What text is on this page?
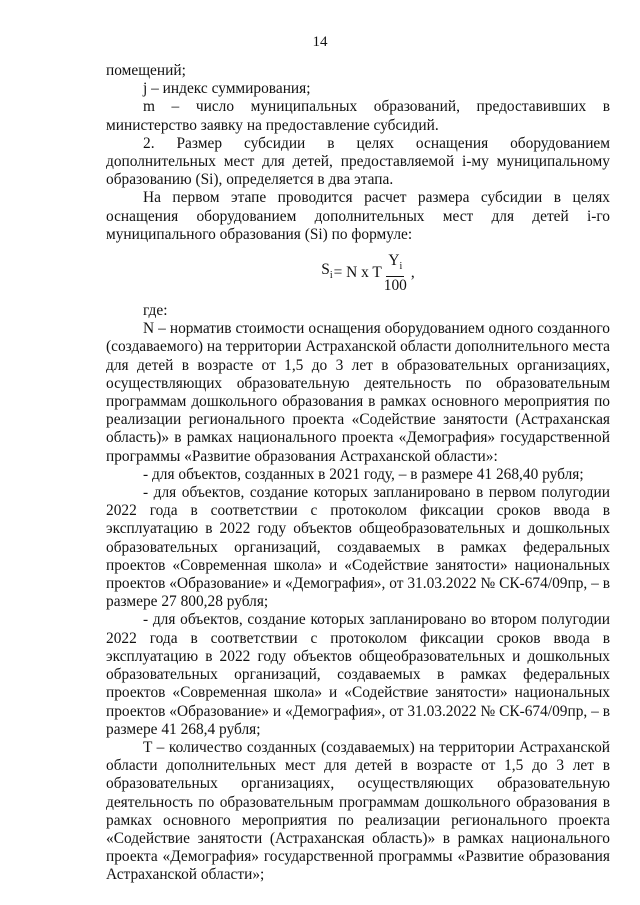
14

помещений;

j – индекс суммирования;

m – число муниципальных образований, предоставивших в министерство заявку на предоставление субсидий.

2. Размер субсидии в целях оснащения оборудованием дополнительных мест для детей, предоставляемой i-му муниципальному образованию (Si), определяется в два этапа.

На первом этапе проводится расчет размера субсидии в целях оснащения оборудованием дополнительных мест для детей i-го муниципального образования (Si) по формуле:

$S_i = N$ x T $\frac{Y_i}{100}$ ,

где:

N – норматив стоимости оснащения оборудованием одного созданного (создаваемого) на территории Астраханской области дополнительного места для детей в возрасте от 1,5 до 3 лет в образовательных организациях, осуществляющих образовательную деятельность по образовательным программам дошкольного образования в рамках основного мероприятия по реализации регионального проекта «Содействие занятости (Астраханская область)» в рамках национального проекта «Демография» государственной программы «Развитие образования Астраханской области»:

- для объектов, созданных в 2021 году, – в размере 41 268,40 рубля;

- для объектов, создание которых запланировано в первом полугодии 2022 года в соответствии с протоколом фиксации сроков ввода в эксплуатацию в 2022 году объектов общеобразовательных и дошкольных образовательных организаций, создаваемых в рамках федеральных проектов «Современная школа» и «Содействие занятости» национальных проектов «Образование» и «Демография», от 31.03.2022 № СК-674/09пр, – в размере 27 800,28 рубля;

- для объектов, создание которых запланировано во втором полугодии 2022 года в соответствии с протоколом фиксации сроков ввода в эксплуатацию в 2022 году объектов общеобразовательных и дошкольных образовательных организаций, создаваемых в рамках федеральных проектов «Современная школа» и «Содействие занятости» национальных проектов «Образование» и «Демография», от 31.03.2022 № СК-674/09пр, – в размере 41 268,4 рубля;

T – количество созданных (создаваемых) на территории Астраханской области дополнительных мест для детей в возрасте от 1,5 до 3 лет в образовательных организациях, осуществляющих образовательную деятельность по образовательным программам дошкольного образования в рамках основного мероприятия по реализации регионального проекта «Содействие занятости (Астраханская область)» в рамках национального проекта «Демография» государственной программы «Развитие образования Астраханской области»;
